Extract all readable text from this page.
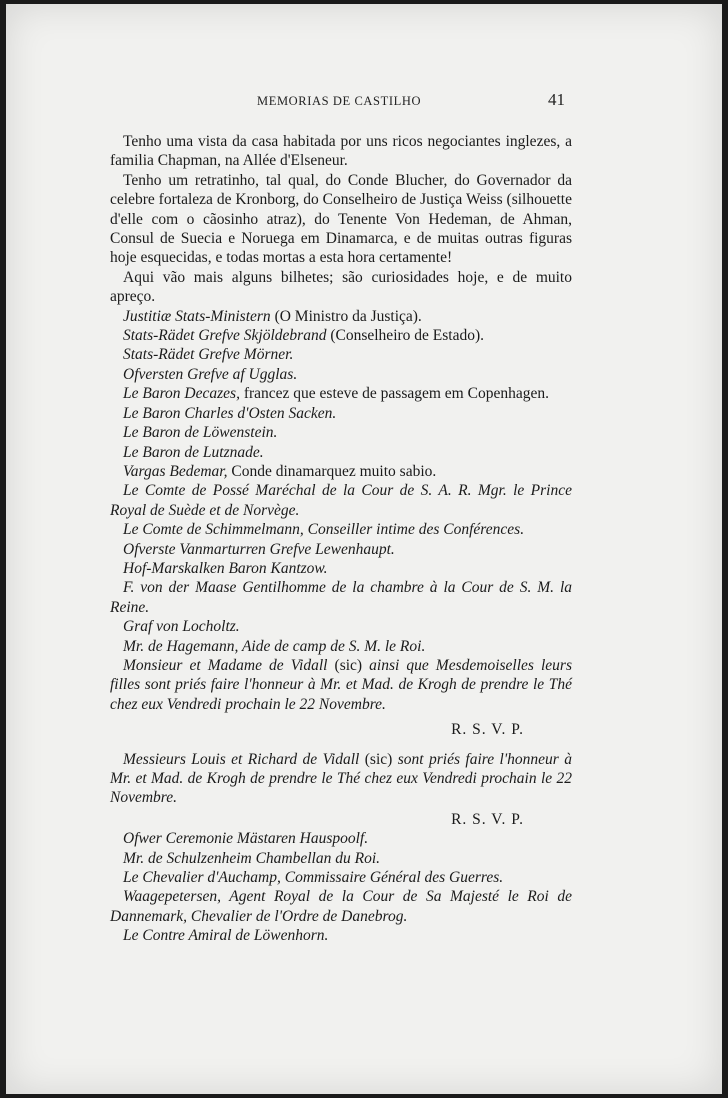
MEMORIAS DE CASTILHO	41

Tenho uma vista da casa habitada por uns ricos negociantes inglezes, a familia Chapman, na Allée d'Elseneur.

Tenho um retratinho, tal qual, do Conde Blucher, do Governador da celebre fortaleza de Kronborg, do Conselheiro de Justiça Weiss (silhouette d'elle com o cãosinho atraz), do Tenente Von Hedeman, de Ahman, Consul de Suecia e Noruega em Dinamarca, e de muitas outras figuras hoje esquecidas, e todas mortas a esta hora certamente!

Aqui vão mais alguns bilhetes; são curiosidades hoje, e de muito apreço.

Justitiæ Stats-Ministern (O Ministro da Justiça).

Stats-Rädet Grefve Skjöldebrand (Conselheiro de Estado).

Stats-Rädet Grefve Mörner.

Ofversten Grefve af Ugglas.

Le Baron Decazes, francez que esteve de passagem em Copenhagen.

Le Baron Charles d'Osten Sacken.

Le Baron de Löwenstein.

Le Baron de Lutznade.

Vargas Bedemar, Conde dinamarquez muito sabio.

Le Comte de Possé Maréchal de la Cour de S. A. R. Mgr. le Prince Royal de Suède et de Norvège.

Le Comte de Schimmelmann, Conseiller intime des Conférences.

Ofverste Vanmarturren Grefve Lewenhaupt.

Hof-Marskalken Baron Kantzow.

F. von der Maase Gentilhomme de la chambre à la Cour de S. M. la Reine.

Graf von Locholtz.

Mr. de Hagemann, Aide de camp de S. M. le Roi.

Monsieur et Madame de Vidall (sic) ainsi que Mesdemoiselles leurs filles sont priés faire l'honneur à Mr. et Mad. de Krogh de prendre le Thé chez eux Vendredi prochain le 22 Novembre.

R. S. V. P.

Messieurs Louis et Richard de Vidall (sic) sont priés faire l'honneur à Mr. et Mad. de Krogh de prendre le Thé chez eux Vendredi prochain le 22 Novembre.

R. S. V. P.

Ofwer Ceremonie Mästaren Hauspoolf.

Mr. de Schulzenheim Chambellan du Roi.

Le Chevalier d'Auchamp, Commissaire Général des Guerres.

Waagepetersen, Agent Royal de la Cour de Sa Majesté le Roi de Dannemark, Chevalier de l'Ordre de Danebrog.

Le Contre Amiral de Löwenhorn.
